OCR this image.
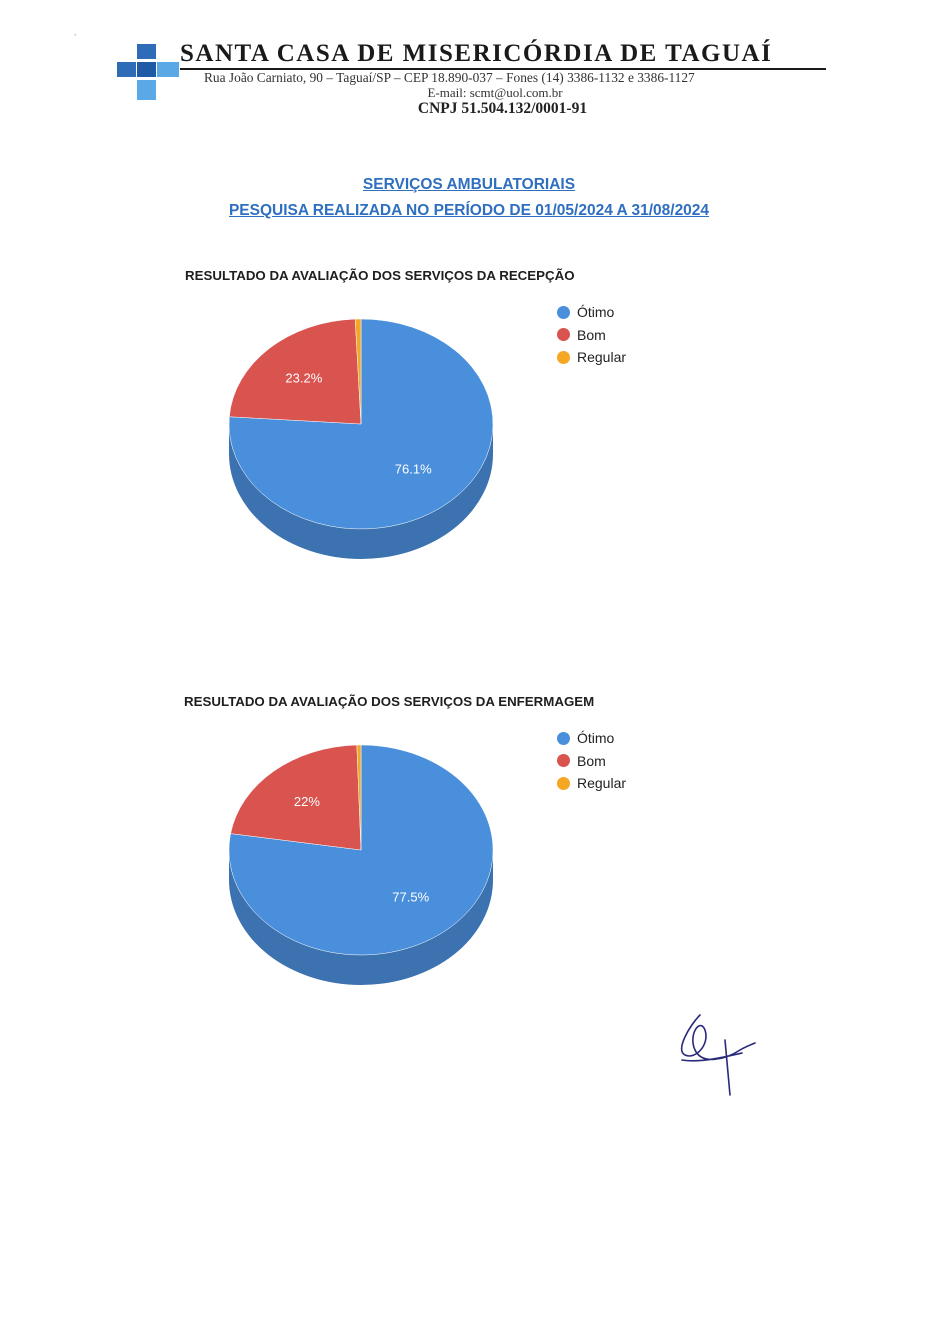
ˎ
SANTA CASA DE MISERICÓRDIA DE TAGUAÍ
Rua João Carniato, 90 – Taguaí/SP – CEP 18.890-037 – Fones (14) 3386-1132 e 3386-1127
E-mail: scmt@uol.com.br
CNPJ 51.504.132/0001-91
SERVIÇOS AMBULATORIAIS
PESQUISA REALIZADA NO PERÍODO DE 01/05/2024 A 31/08/2024
RESULTADO DA AVALIAÇÃO DOS SERVIÇOS DA RECEPÇÃO
76.1%
23.2%
Ótimo
Bom
Regular
RESULTADO DA AVALIAÇÃO DOS SERVIÇOS DA ENFERMAGEM
77.5%
22%
Ótimo
Bom
Regular
